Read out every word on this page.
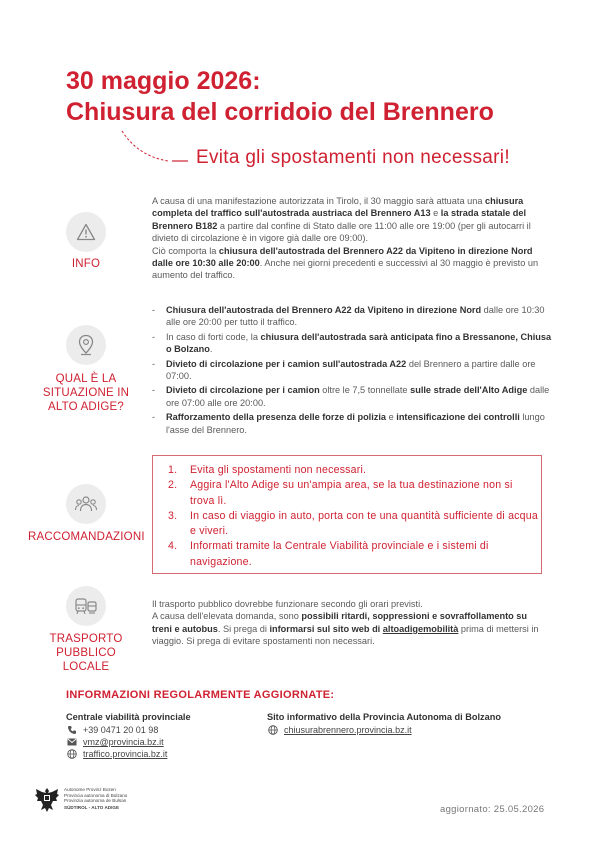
30 maggio 2026:
Chiusura del corridoio del Brennero
Evita gli spostamenti non necessari!
INFO

A causa di una manifestazione autorizzata in Tirolo, il 30 maggio sarà attuata una chiusura completa del traffico sull'autostrada austriaca del Brennero A13 e la strada statale del Brennero B182 a partire dal confine di Stato dalle ore 11:00 alle ore 19:00 (per gli autocarri il divieto di circolazione è in vigore già dalle ore 09:00).

Ciò comporta la chiusura dell'autostrada del Brennero A22 da Vipiteno in direzione Nord dalle ore 10:30 alle 20:00. Anche nei giorni precedenti e successivi al 30 maggio è previsto un aumento del traffico.

QUAL È LA
SITUAZIONE IN
ALTO ADIGE?
- Chiusura dell'autostrada del Brennero A22 da Vipiteno in direzione Nord dalle ore 10:30 alle ore 20:00 per tutto il traffico.
- In caso di forti code, la chiusura dell'autostrada sarà anticipata fino a Bressanone, Chiusa o Bolzano.
- Divieto di circolazione per i camion sull'autostrada A22 del Brennero a partire dalle ore 07:00.
- Divieto di circolazione per i camion oltre le 7,5 tonnellate sulle strade dell'Alto Adige dalle ore 07:00 alle ore 20:00.
- Rafforzamento della presenza delle forze di polizia e intensificazione dei controlli lungo l'asse del Brennero.
RACCOMANDAZIONI
1.	Evita gli spostamenti non necessari.
2.	Aggira l'Alto Adige su un'ampia area, se la tua destinazione non si trova lì.
3.	In caso di viaggio in auto, porta con te una quantità sufficiente di acqua e viveri.
4.	Informati tramite la Centrale Viabilità provinciale e i sistemi di navigazione.
TRASPORTO
PUBBLICO LOCALE

Il trasporto pubblico dovrebbe funzionare secondo gli orari previsti.

A causa dell'elevata domanda, sono possibili ritardi, soppressioni e sovraffollamento su treni e autobus. Si prega di informarsi sul sito web di altoadigemobilità prima di mettersi in viaggio. Si prega di evitare spostamenti non necessari.

INFORMAZIONI REGOLARMENTE AGGIORNATE:
Centrale viabilità provinciale
+39 0471 20 01 98
vmz@provincia.bz.it
traffico.provincia.bz.it
Sito informativo della Provincia Autonoma di Bolzano
chiusurabrennero.provincia.bz.it
Autonome Provinz Bozen
Provincia autonoma di Bolzano
Provinzia autonoma de Bulsan
SÜDTIROL - ALTO ADIGE	aggiornato: 25.05.2026
